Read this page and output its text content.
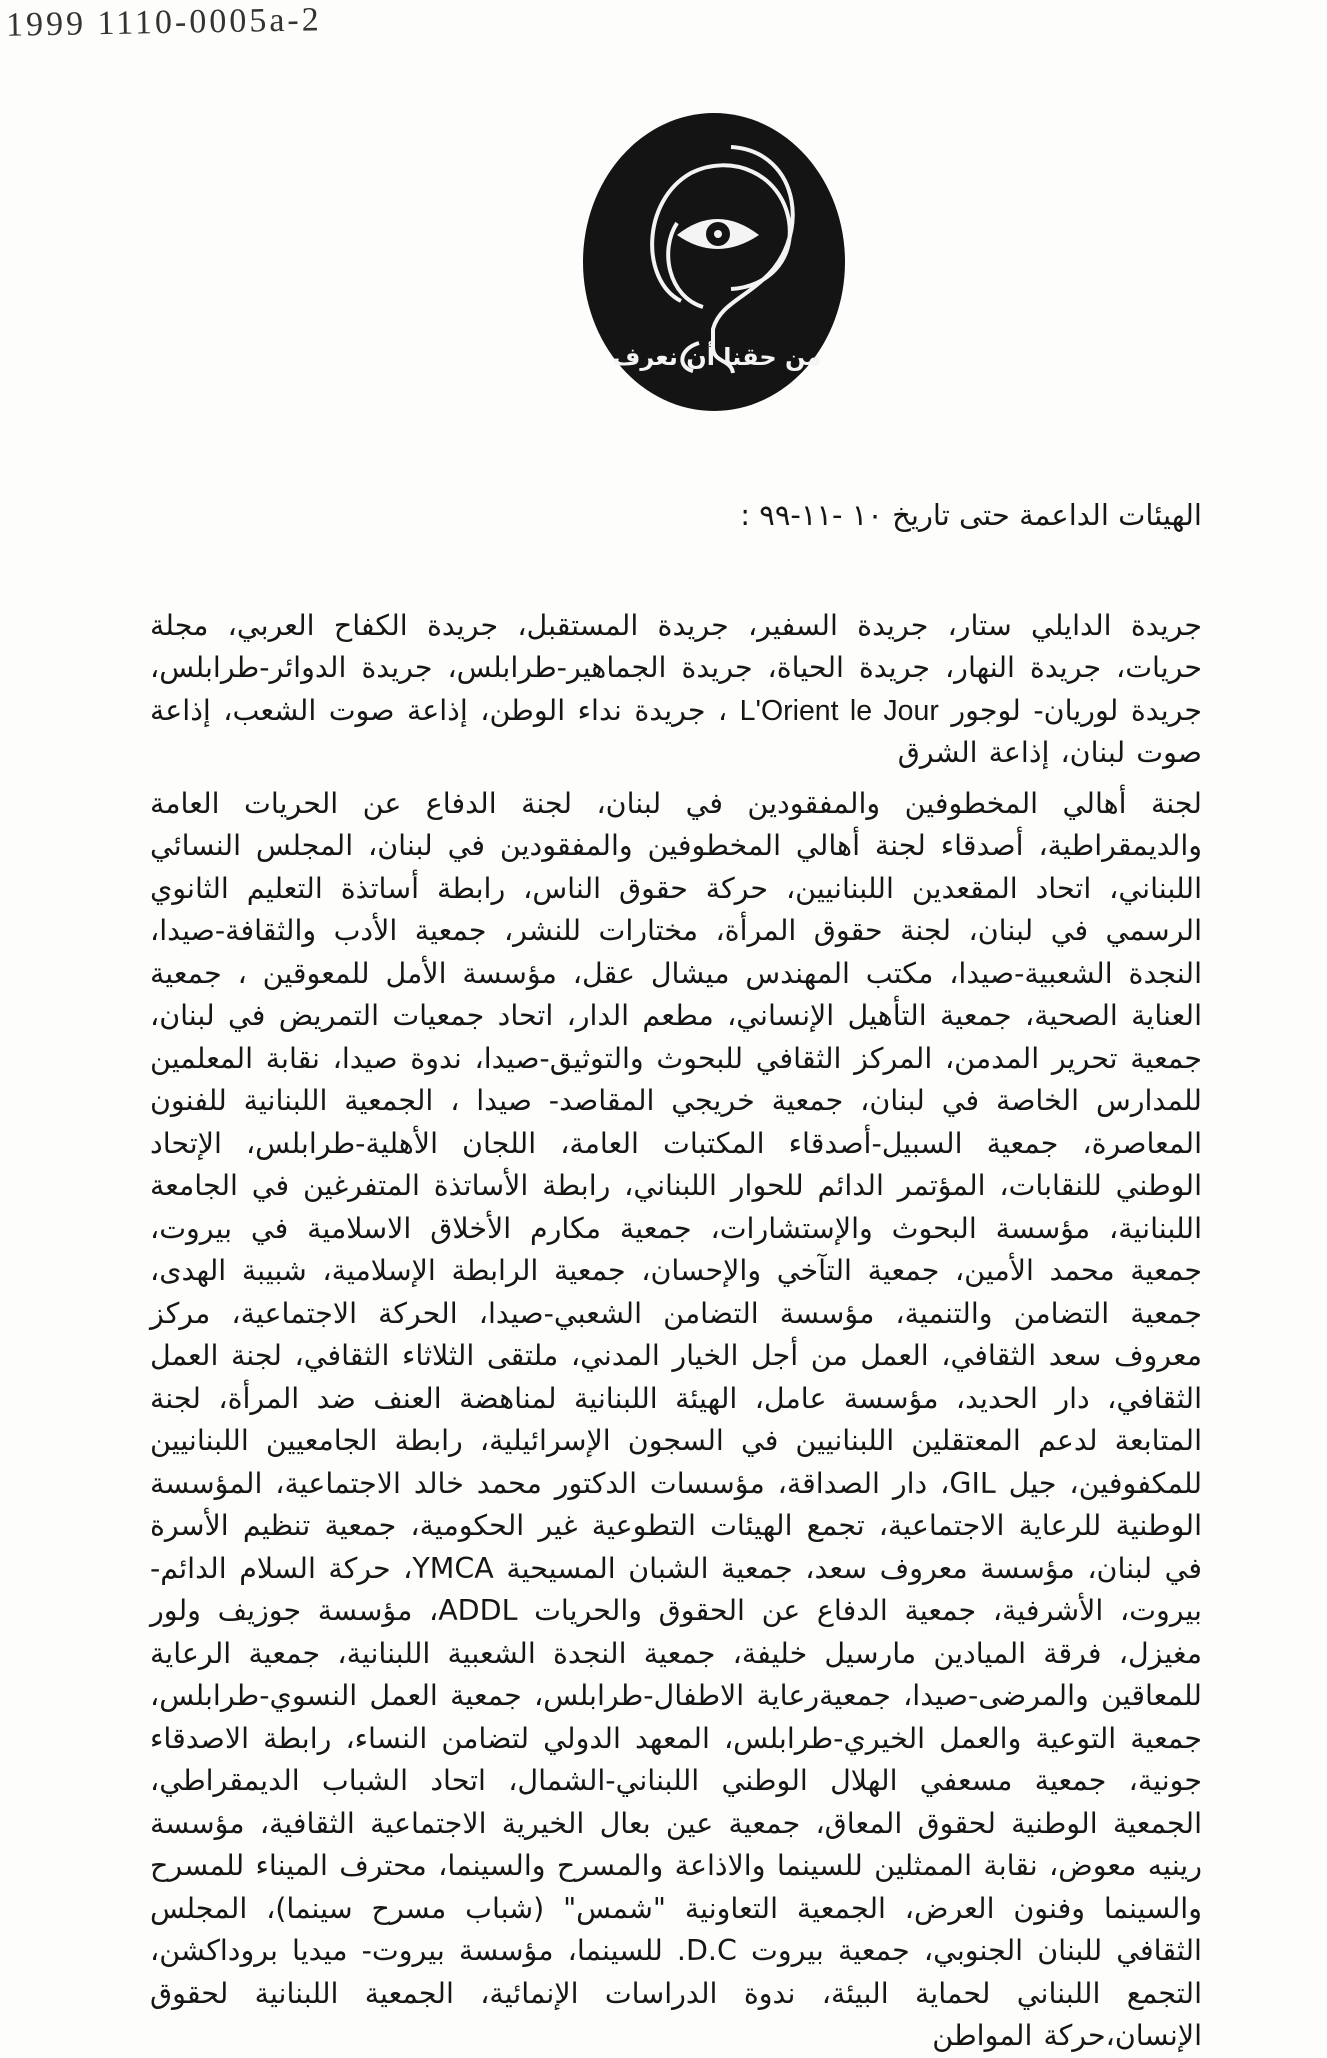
1999 1110-0005a-2
من حقنا أن نعرف
الهيئات الداعمة حتى تاريخ ١٠ -١١-٩٩ :

جريدة الدايلي ستار، جريدة السفير، جريدة المستقبل، جريدة الكفاح العربي، مجلة حريات، جريدة النهار، جريدة الحياة، جريدة الجماهير-طرابلس، جريدة الدوائر-طرابلس، جريدة لوريان- لوجور L'Orient le Jour ، جريدة نداء الوطن، إذاعة صوت الشعب، إذاعة صوت لبنان، إذاعة الشرق

لجنة أهالي المخطوفين والمفقودين في لبنان، لجنة الدفاع عن الحريات العامة والديمقراطية، أصدقاء لجنة أهالي المخطوفين والمفقودين في لبنان، المجلس النسائي اللبناني، اتحاد المقعدين اللبنانيين، حركة حقوق الناس، رابطة أساتذة التعليم الثانوي الرسمي في لبنان، لجنة حقوق المرأة، مختارات للنشر، جمعية الأدب والثقافة-صيدا، النجدة الشعبية-صيدا، مكتب المهندس ميشال عقل، مؤسسة الأمل للمعوقين ، جمعية العناية الصحية، جمعية التأهيل الإنساني، مطعم الدار، اتحاد جمعيات التمريض في لبنان، جمعية تحرير المدمن، المركز الثقافي للبحوث والتوثيق-صيدا، ندوة صيدا، نقابة المعلمين للمدارس الخاصة في لبنان، جمعية خريجي المقاصد- صيدا ، الجمعية اللبنانية للفنون المعاصرة، جمعية السبيل-أصدقاء المكتبات العامة، اللجان الأهلية-طرابلس، الإتحاد الوطني للنقابات، المؤتمر الدائم للحوار اللبناني، رابطة الأساتذة المتفرغين في الجامعة اللبنانية، مؤسسة البحوث والإستشارات، جمعية مكارم الأخلاق الاسلامية في بيروت، جمعية محمد الأمين، جمعية التآخي والإحسان، جمعية الرابطة الإسلامية، شبيبة الهدى، جمعية التضامن والتنمية، مؤسسة التضامن الشعبي-صيدا، الحركة الاجتماعية، مركز معروف سعد الثقافي، العمل من أجل الخيار المدني، ملتقى الثلاثاء الثقافي، لجنة العمل الثقافي، دار الحديد، مؤسسة عامل، الهيئة اللبنانية لمناهضة العنف ضد المرأة، لجنة المتابعة لدعم المعتقلين اللبنانيين في السجون الإسرائيلية، رابطة الجامعيين اللبنانيين للمكفوفين، جيل GIL، دار الصداقة، مؤسسات الدكتور محمد خالد الاجتماعية، المؤسسة الوطنية للرعاية الاجتماعية، تجمع الهيئات التطوعية غير الحكومية، جمعية تنظيم الأسرة في لبنان، مؤسسة معروف سعد، جمعية الشبان المسيحية YMCA، حركة السلام الدائم-بيروت، الأشرفية، جمعية الدفاع عن الحقوق والحريات ADDL، مؤسسة جوزيف ولور مغيزل، فرقة الميادين مارسيل خليفة، جمعية النجدة الشعبية اللبنانية، جمعية الرعاية للمعاقين والمرضى-صيدا، جمعيةرعاية الاطفال-طرابلس، جمعية العمل النسوي-طرابلس، جمعية التوعية والعمل الخيري-طرابلس، المعهد الدولي لتضامن النساء، رابطة الاصدقاء جونية، جمعية مسعفي الهلال الوطني اللبناني-الشمال، اتحاد الشباب الديمقراطي، الجمعية الوطنية لحقوق المعاق، جمعية عين بعال الخيرية الاجتماعية الثقافية، مؤسسة رينيه معوض، نقابة الممثلين للسينما والاذاعة والمسرح والسينما، محترف الميناء للمسرح والسينما وفنون العرض، الجمعية التعاونية "شمس" (شباب مسرح سينما)، المجلس الثقافي للبنان الجنوبي، جمعية بيروت D.C. للسينما، مؤسسة بيروت- ميديا بروداكشن، التجمع اللبناني لحماية البيئة، ندوة الدراسات الإنمائية، الجمعية اللبنانية لحقوق الإنسان،حركة المواطن
